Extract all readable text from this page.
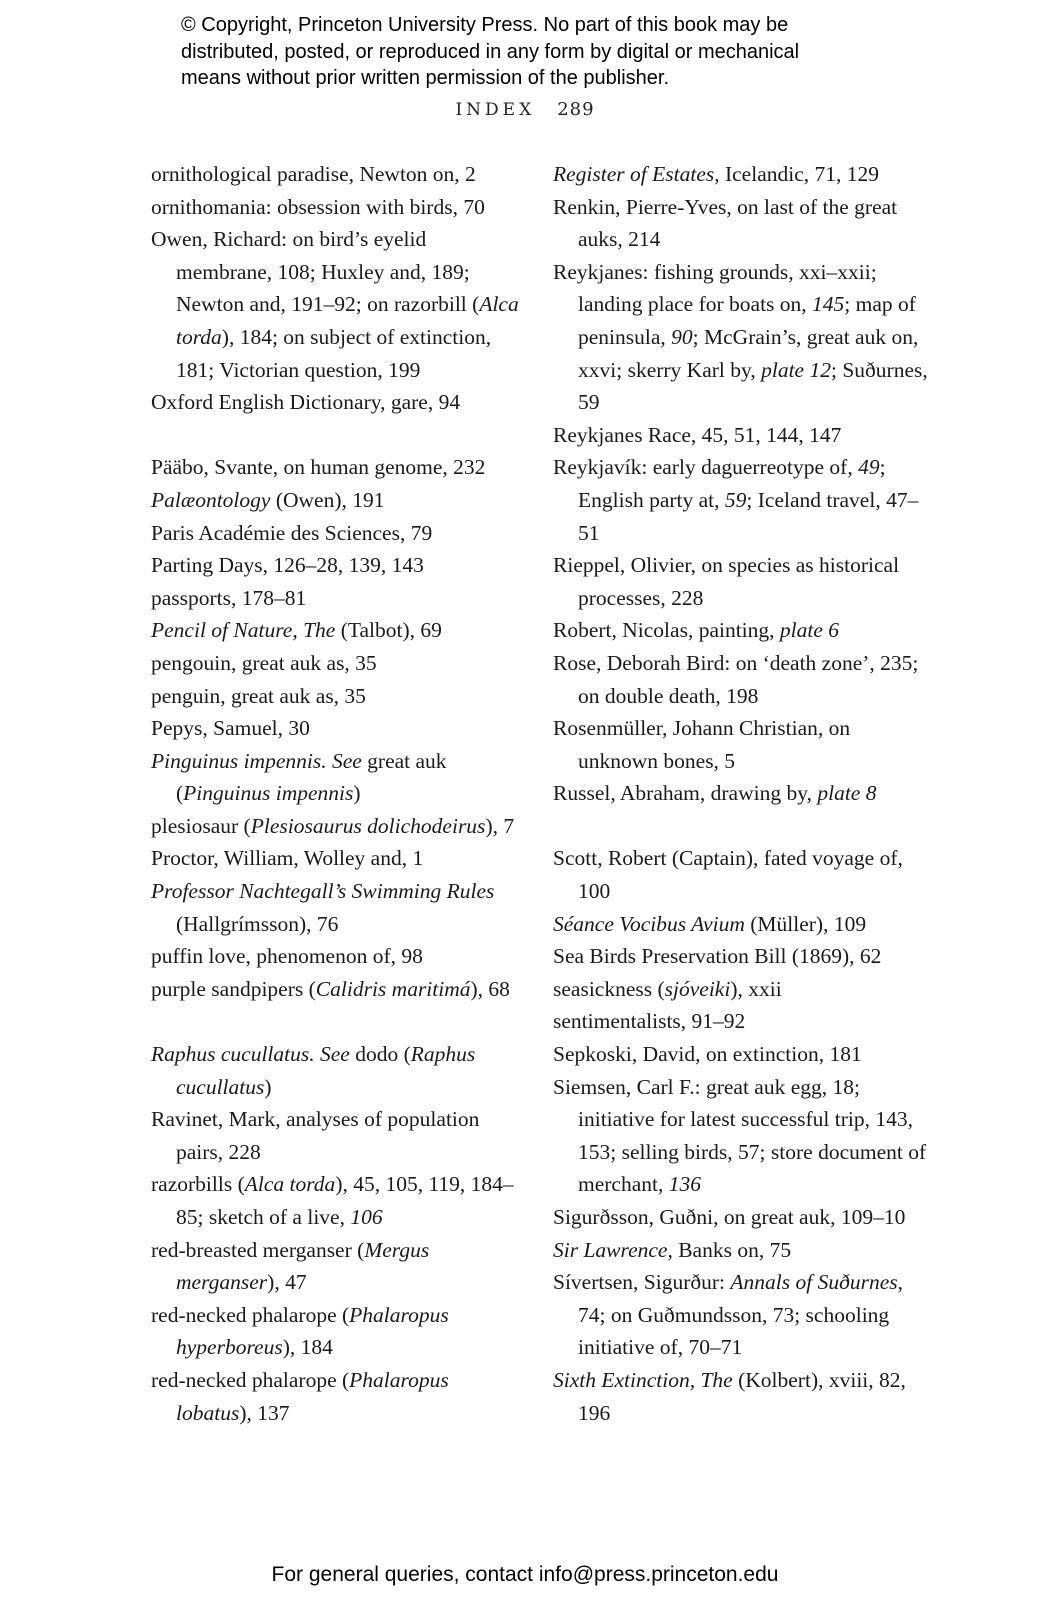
© Copyright, Princeton University Press. No part of this book may be
distributed, posted, or reproduced in any form by digital or mechanical
means without prior written permission of the publisher.
INDEX 289

ornithological paradise, Newton on, 2

ornithomania: obsession with birds, 70

Owen, Richard: on bird’s eyelid membrane, 108; Huxley and, 189; Newton and, 191–92; on razorbill (Alca torda), 184; on subject of extinction, 181; Victorian question, 199

Oxford English Dictionary, gare, 94

Pääbo, Svante, on human genome, 232

Palæontology (Owen), 191

Paris Académie des Sciences, 79

Parting Days, 126–28, 139, 143

passports, 178–81

Pencil of Nature, The (Talbot), 69

pengouin, great auk as, 35

penguin, great auk as, 35

Pepys, Samuel, 30

Pinguinus impennis. See great auk (Pinguinus impennis)

plesiosaur (Plesiosaurus dolichodeirus), 7

Proctor, William, Wolley and, 1

Professor Nachtegall’s Swimming Rules (Hallgrímsson), 76

puffin love, phenomenon of, 98

purple sandpipers (Calidris maritimá), 68

Raphus cucullatus. See dodo (Raphus cucullatus)

Ravinet, Mark, analyses of population pairs, 228

razorbills (Alca torda), 45, 105, 119, 184–85; sketch of a live, 106

red-breasted merganser (Mergus merganser), 47

red-necked phalarope (Phalaropus hyperboreus), 184

red-necked phalarope (Phalaropus lobatus), 137

Register of Estates, Icelandic, 71, 129

Renkin, Pierre-Yves, on last of the great auks, 214

Reykjanes: fishing grounds, xxi–xxii; landing place for boats on, 145; map of peninsula, 90; McGrain’s, great auk on, xxvi; skerry Karl by, plate 12; Suðurnes, 59

Reykjanes Race, 45, 51, 144, 147

Reykjavík: early daguerreotype of, 49; English party at, 59; Iceland travel, 47–51

Rieppel, Olivier, on species as historical processes, 228

Robert, Nicolas, painting, plate 6

Rose, Deborah Bird: on ‘death zone’, 235; on double death, 198

Rosenmüller, Johann Christian, on unknown bones, 5

Russel, Abraham, drawing by, plate 8

Scott, Robert (Captain), fated voyage of, 100

Séance Vocibus Avium (Müller), 109

Sea Birds Preservation Bill (1869), 62

seasickness (sjóveiki), xxii

sentimentalists, 91–92

Sepkoski, David, on extinction, 181

Siemsen, Carl F.: great auk egg, 18; initiative for latest successful trip, 143, 153; selling birds, 57; store document of merchant, 136

Sigurðsson, Guðni, on great auk, 109–10

Sir Lawrence, Banks on, 75

Sívertsen, Sigurður: Annals of Suðurnes, 74; on Guðmundsson, 73; schooling initiative of, 70–71

Sixth Extinction, The (Kolbert), xviii, 82, 196

For general queries, contact info@press.princeton.edu
